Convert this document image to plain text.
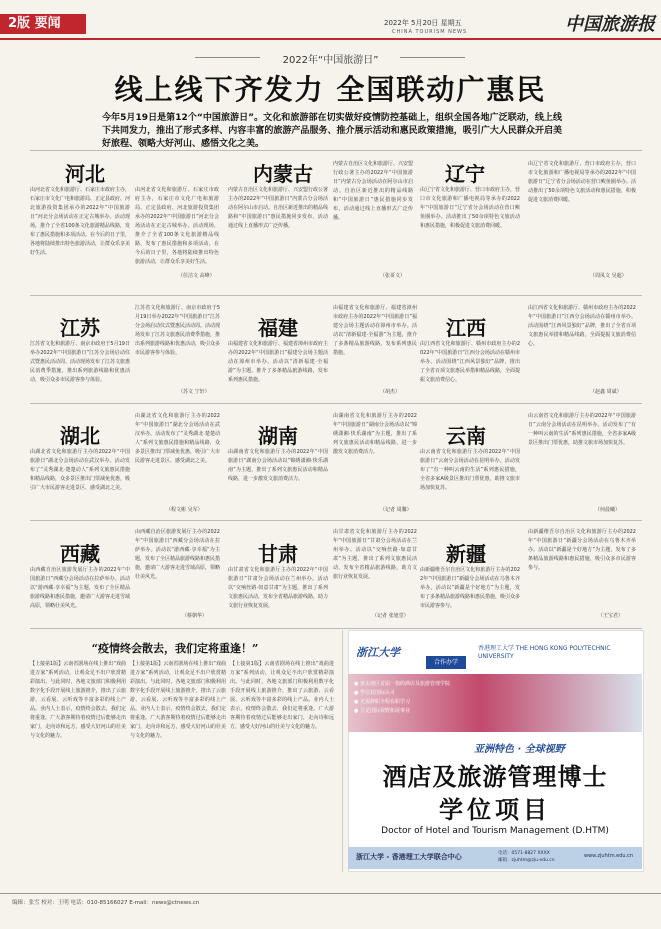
2版 要闻	2022年 5月20日 星期五
CHINA TOURISM NEWS	中国旅游报
2022年“中国旅游日”
线上线下齐发力 全国联动广惠民
今年5月19日是第12个“中国旅游日”。文化和旅游部在切实做好疫情防控基础上，组织全国各地广泛联动，线上线下共同发力，推出了形式多样、内容丰富的旅游产品服务、推介展示活动和惠民政策措施，吸引广大人民群众开启美好旅程、领略大好河山、感悟文化之美。
河北
由河北省文化和旅游厅、石家庄市政府主办，石家庄市文化广电和旅游局、正定县政府、河北旅游投资集团承办的2022年“中国旅游日”河北分会场活动在正定古城举办。活动现场，推介了全省100条文化旅游精品线路，发布了惠民措施和多项活动。在今后的日子里，各地将陆续推出特色旅游活动，让群众乐享美好生活。
由河北省文化和旅游厅、石家庄市政府主办，石家庄市文化广电和旅游局、正定县政府、河北旅游投资集团承办的2022年“中国旅游日”河北分会场活动在正定古城举办。活动现场，推介了全省100条文化旅游精品线路，发布了惠民措施和多项活动。在今后的日子里，各地将陆续推出特色旅游活动，让群众乐享美好生活。
（任洁文 高峰）
内蒙古
内蒙古自治区文化和旅游厅、兴安盟行政公署主办的2022年“中国旅游日”内蒙古分会场活动在阿尔山市启动。自治区新近推出的精品线路和“中国旅游日”惠民措施同步发布，活动通过线上直播形式广泛传播。
内蒙古自治区文化和旅游厅、兴安盟行政公署主办的2022年“中国旅游日”内蒙古分会场活动在阿尔山市启动。自治区新近推出的精品线路和“中国旅游日”惠民措施同步发布，活动通过线上直播形式广泛传播。
（张哥文）
辽宁
由辽宁省文化和旅游厅、营口市政府主办，营口市文化旅游和广播电视局等承办的2022年“中国旅游日”辽宁省分会场活动在营口鲅鱼圈举办。活动推出了50余项特色文旅活动和惠民措施，积极促进文旅消费回暖。
由辽宁省文化和旅游厅、营口市政府主办，营口市文化旅游和广播电视局等承办的2022年“中国旅游日”辽宁省分会场活动在营口鲅鱼圈举办。活动推出了50余项特色文旅活动和惠民措施，积极促进文旅消费回暖。
（周凤文 吴超）
江苏
江苏省文化和旅游厅、南京市政府于5月19日举办2022年“中国旅游日”江苏分会场启动仪式暨惠民活动周。活动现场发布了江苏文旅惠民消费季措施，推出系列旅游线路和优惠活动，吸引众多市民游客参与体验。
江苏省文化和旅游厅、南京市政府于5月19日举办2022年“中国旅游日”江苏分会场启动仪式暨惠民活动周。活动现场发布了江苏文旅惠民消费季措施，推出系列旅游线路和优惠活动，吸引众多市民游客参与体验。
（苏文 宁轩）
福建
由福建省文化和旅游厅、福建省漳州市政府主办的2022年“中国旅游日”福建分会场主题活动在漳州市举办。活动以“清新福建·全福游”为主题，推介了多条精品旅游线路，发布系列惠民措施。
由福建省文化和旅游厅、福建省漳州市政府主办的2022年“中国旅游日”福建分会场主题活动在漳州市举办。活动以“清新福建·全福游”为主题，推介了多条精品旅游线路，发布系列惠民措施。
（胡杰）
江西
由江西省文化和旅游厅、赣州市政府主办的2022年“中国旅游日”江西分会场活动在赣州市举办。活动围绕“江西风景独好”品牌，推出了全省百项文旅惠民举措和精品线路，全面提振文旅消费信心。
由江西省文化和旅游厅、赣州市政府主办的2022年“中国旅游日”江西分会场活动在赣州市举办。活动围绕“江西风景独好”品牌，推出了全省百项文旅惠民举措和精品线路，全面提振文旅消费信心。
（赵鑫 周斌）
湖北
由湖北省文化和旅游厅主办的2022年“中国旅游日”湖北分会场活动在武汉举办。活动发布了“灵秀湖北·楚楚动人”系列文旅惠民措施和精品线路，众多景区推出门票减免优惠，吸引广大市民游客走进景区、感受湖北之美。
由湖北省文化和旅游厅主办的2022年“中国旅游日”湖北分会场活动在武汉举办。活动发布了“灵秀湖北·楚楚动人”系列文旅惠民措施和精品线路，众多景区推出门票减免优惠，吸引广大市民游客走进景区、感受湖北之美。
（程文彬 吴军）
湖南
由湖南省文化和旅游厅主办的2022年“中国旅游日”湖南分会场活动以“锦绣潇湘·快乐湖南”为主题，推出了系列文旅惠民活动和精品线路，进一步激发文旅消费活力。
由湖南省文化和旅游厅主办的2022年“中国旅游日”湖南分会场活动以“锦绣潇湘·快乐湖南”为主题，推出了系列文旅惠民活动和精品线路，进一步激发文旅消费活力。
（记者 周馨）
云南
由云南省文化和旅游厅主办的2022年“中国旅游日”云南分会场活动在昆明举办。活动发布了“有一种叫云南的生活”系列惠民措施，全省多家A级景区推出门票优惠，助推文旅市场加快复苏。
由云南省文化和旅游厅主办的2022年“中国旅游日”云南分会场活动在昆明举办。活动发布了“有一种叫云南的生活”系列惠民措施，全省多家A级景区推出门票优惠，助推文旅市场加快复苏。
（何晨曦）
西藏
由西藏自治区旅游发展厅主办的2022年“中国旅游日”西藏分会场活动在拉萨举办。活动以“游西藏·享幸福”为主题，发布了全区精品旅游线路和惠民措施，邀请广大游客走进雪域高原，领略壮美风光。
由西藏自治区旅游发展厅主办的2022年“中国旅游日”西藏分会场活动在拉萨举办。活动以“游西藏·享幸福”为主题，发布了全区精品旅游线路和惠民措施，邀请广大游客走进雪域高原，领略壮美风光。
（蔡朝华）
甘肃
由甘肃省文化和旅游厅主办的2022年“中国旅游日”甘肃分会场活动在兰州举办。活动以“交响丝路·如意甘肃”为主题，推出了系列文旅惠民活动，发布全省精品旅游线路，助力文旅行业恢复发展。
由甘肃省文化和旅游厅主办的2022年“中国旅游日”甘肃分会场活动在兰州举办。活动以“交响丝路·如意甘肃”为主题，推出了系列文旅惠民活动，发布全省精品旅游线路，助力文旅行业恢复发展。
（记者 张旭堂）
新疆
由新疆维吾尔自治区文化和旅游厅主办的2022年“中国旅游日”新疆分会场活动在乌鲁木齐举办。活动以“新疆是个好地方”为主题，发布了多条精品旅游线路和惠民措施，吸引众多市民游客参与。
由新疆维吾尔自治区文化和旅游厅主办的2022年“中国旅游日”新疆分会场活动在乌鲁木齐举办。活动以“新疆是个好地方”为主题，发布了多条精品旅游线路和惠民措施，吸引众多市民游客参与。
（王宝君）
“疫情终会散去，我们定将重逢！”
【上接第1版】云南省剧场在线上推出“戏曲进万家”系列活动，让观众足不出户欣赏精彩演出。与此同时，各地文旅部门积极利用数字化手段开展线上旅游推介，推出了云旅游、云看展、云听戏等丰富多彩的线上产品。业内人士表示，疫情终会散去，我们定将重逢。广大游客期待着疫情过后能够走出家门，走向诗和远方，感受大好河山的壮美与文化的魅力。
【上接第1版】云南省剧场在线上推出“戏曲进万家”系列活动，让观众足不出户欣赏精彩演出。与此同时，各地文旅部门积极利用数字化手段开展线上旅游推介，推出了云旅游、云看展、云听戏等丰富多彩的线上产品。业内人士表示，疫情终会散去，我们定将重逢。广大游客期待着疫情过后能够走出家门，走向诗和远方，感受大好河山的壮美与文化的魅力。
【上接第1版】云南省剧场在线上推出“戏曲进万家”系列活动，让观众足不出户欣赏精彩演出。与此同时，各地文旅部门积极利用数字化手段开展线上旅游推介，推出了云旅游、云看展、云听戏等丰富多彩的线上产品。业内人士表示，疫情终会散去，我们定将重逢。广大游客期待着疫情过后能够走出家门，走向诗和远方，感受大好河山的壮美与文化的魅力。
浙江大学
合作办学
香港理工大学 THE HONG KONG POLYTECHNIC UNIVERSITY
● 亚太地区首屈一指的酒店及旅游管理学院
● 学位获国际认可
● 无需辞职全程在职学习
● 立足国际视野拓展事业
亚洲特色 · 全球视野
酒店及旅游管理博士
学位项目
Doctor of Hotel and Tourism Management (D.HTM)
浙江大学 - 香港理工大学联合中心	电话：0571-8827 XXXX
邮箱：zjuhtm@zju.edu.cn
www.zjuhtm.edu.cn
编辑：张雪 校对：王明 电话：010-85166027 E-mail：news@ctnews.cn
